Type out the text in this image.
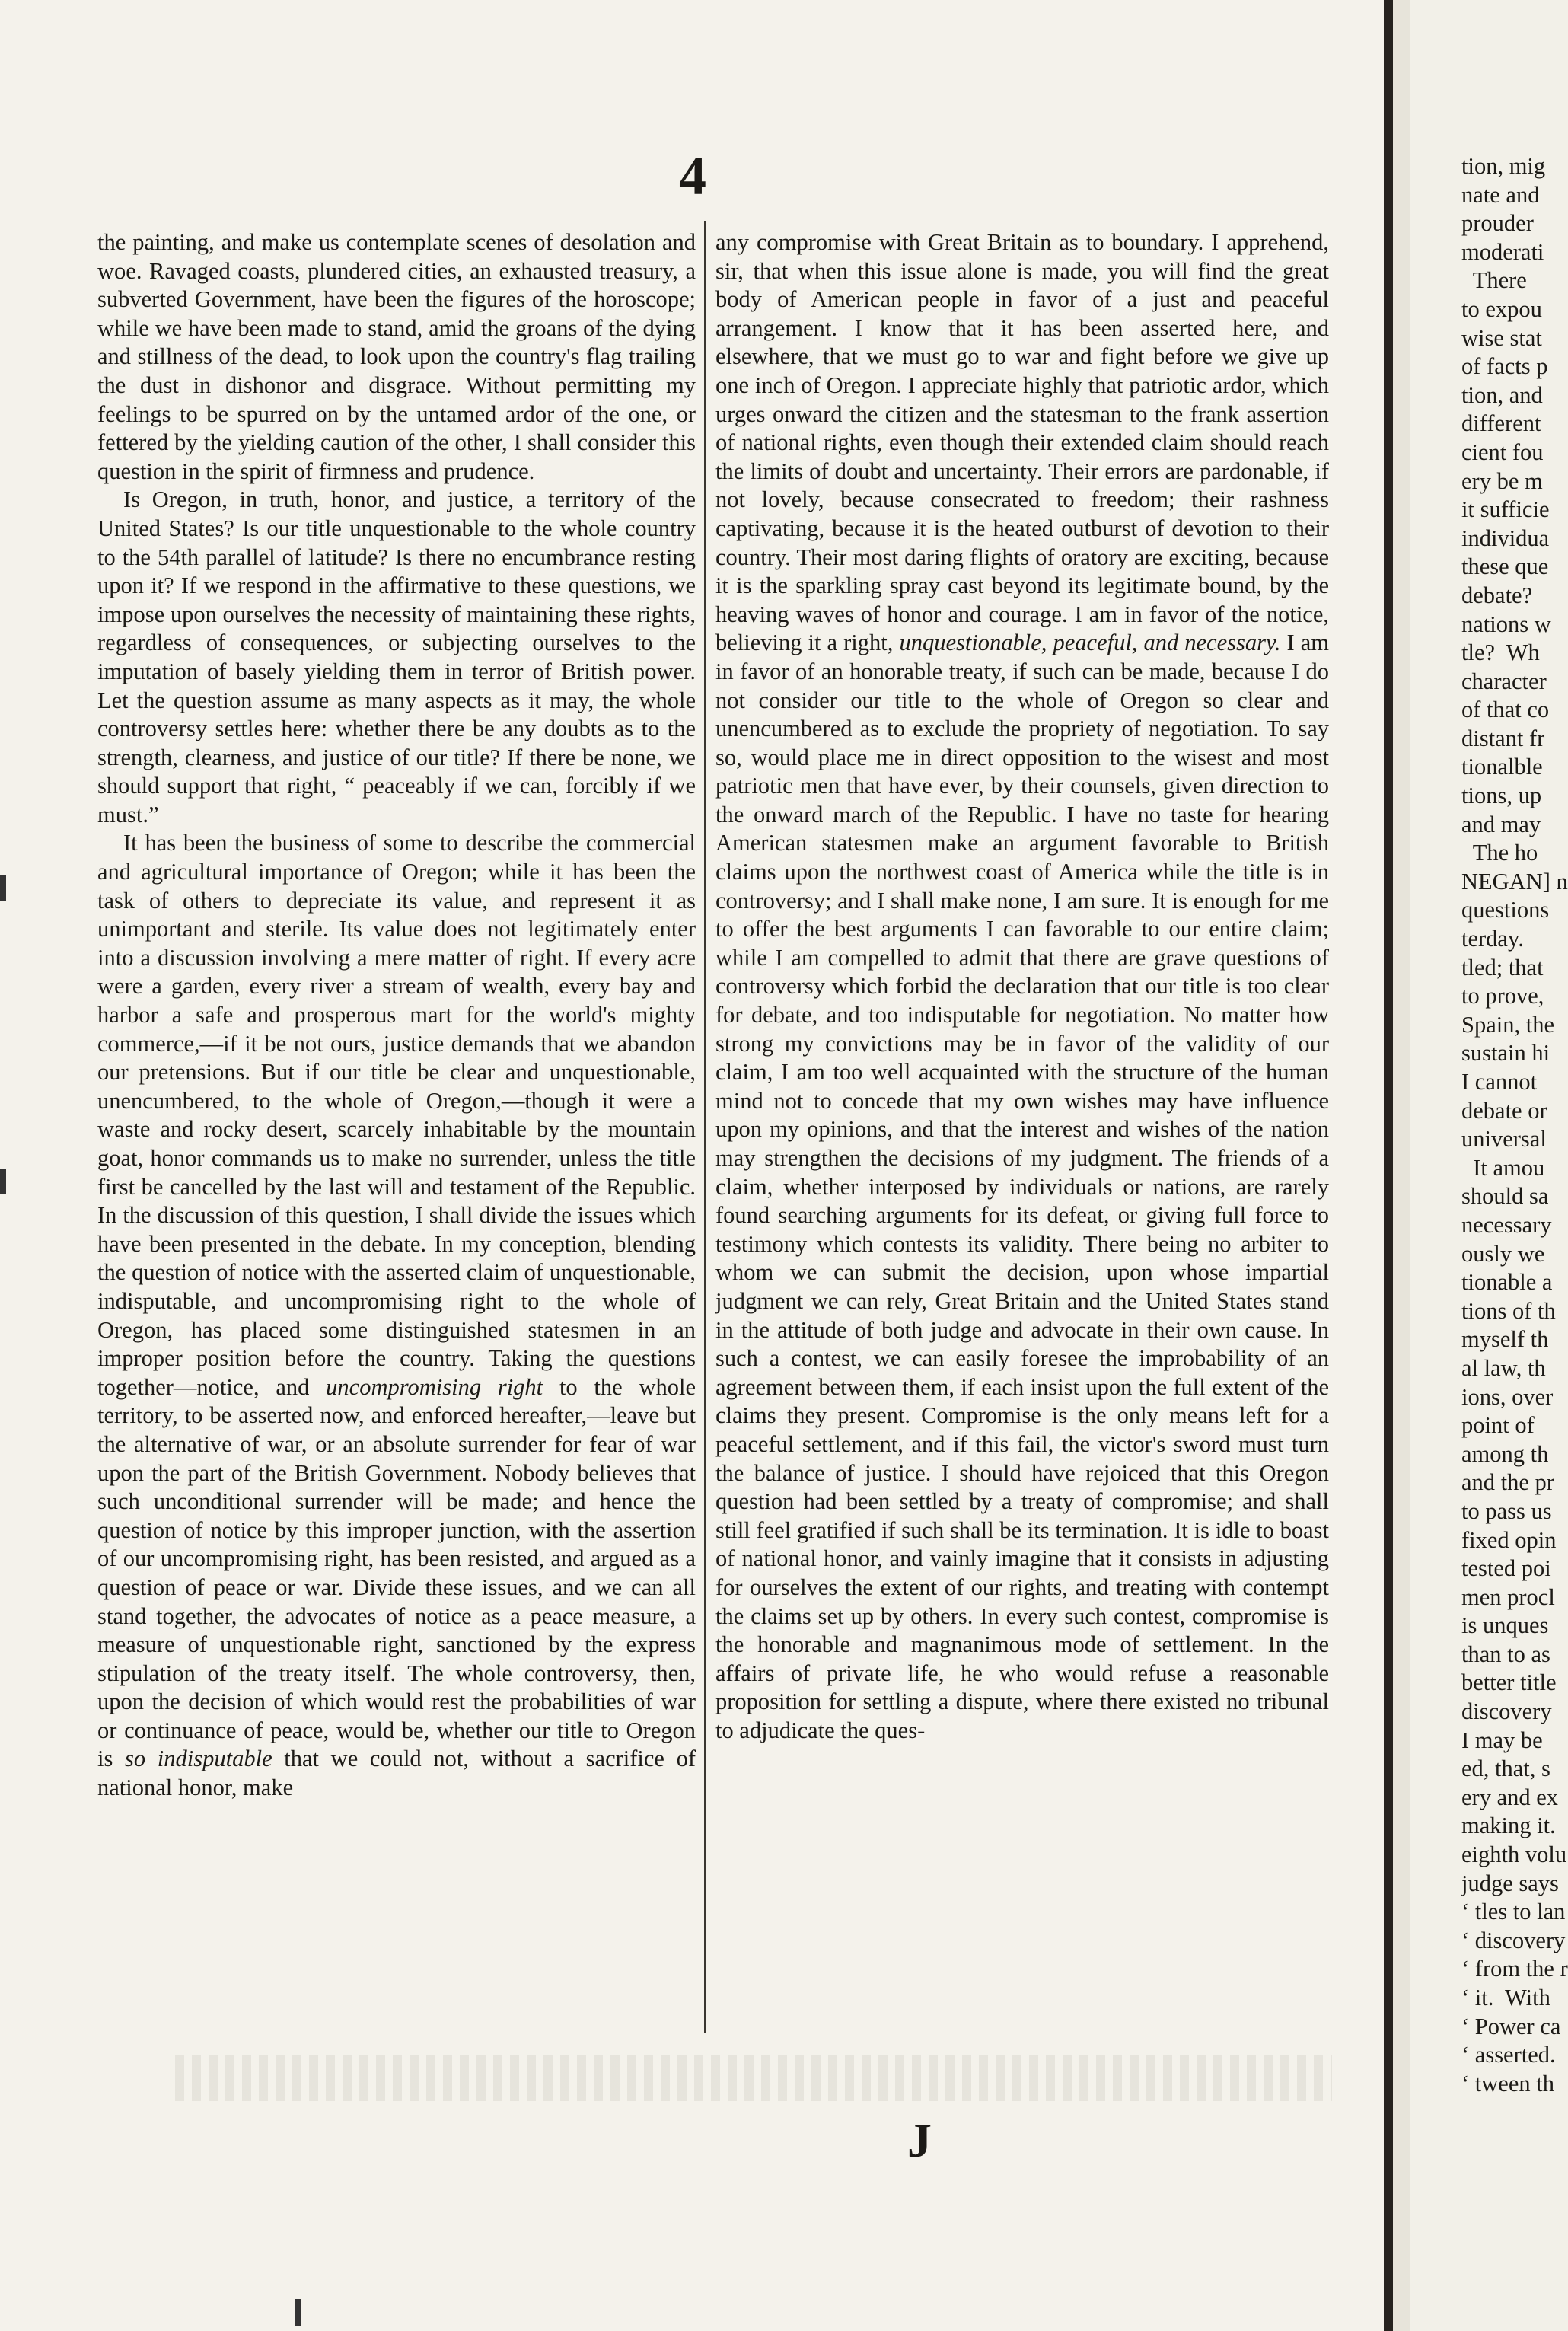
4

the painting, and make us contemplate scenes of desolation and woe. Ravaged coasts, plundered cities, an exhausted treasury, a subverted Government, have been the figures of the horoscope; while we have been made to stand, amid the groans of the dying and stillness of the dead, to look upon the country's flag trailing the dust in dishonor and disgrace. Without permitting my feelings to be spurred on by the untamed ardor of the one, or fettered by the yielding caution of the other, I shall consider this question in the spirit of firmness and prudence.

Is Oregon, in truth, honor, and justice, a territory of the United States? Is our title unquestionable to the whole country to the 54th parallel of latitude? Is there no encumbrance resting upon it? If we respond in the affirmative to these questions, we impose upon ourselves the necessity of maintaining these rights, regardless of consequences, or subjecting ourselves to the imputation of basely yielding them in terror of British power. Let the question assume as many aspects as it may, the whole controversy settles here: whether there be any doubts as to the strength, clearness, and justice of our title? If there be none, we should support that right, “ peaceably if we can, forcibly if we must.”

It has been the business of some to describe the commercial and agricultural importance of Oregon; while it has been the task of others to depreciate its value, and represent it as unimportant and sterile. Its value does not legitimately enter into a discussion involving a mere matter of right. If every acre were a garden, every river a stream of wealth, every bay and harbor a safe and prosperous mart for the world's mighty commerce,—if it be not ours, justice demands that we abandon our pretensions. But if our title be clear and unquestionable, unencumbered, to the whole of Oregon,—though it were a waste and rocky desert, scarcely inhabitable by the mountain goat, honor commands us to make no surrender, unless the title first be cancelled by the last will and testament of the Republic. In the discussion of this question, I shall divide the issues which have been presented in the debate. In my conception, blending the question of notice with the asserted claim of unquestionable, indisputable, and uncompromising right to the whole of Oregon, has placed some distinguished statesmen in an improper position before the country. Taking the questions together—notice, and uncompromising right to the whole territory, to be asserted now, and enforced hereafter,—leave but the alternative of war, or an absolute surrender for fear of war upon the part of the British Government. Nobody believes that such unconditional surrender will be made; and hence the question of notice by this improper junction, with the assertion of our uncompromising right, has been resisted, and argued as a question of peace or war. Divide these issues, and we can all stand together, the advocates of notice as a peace measure, a measure of unquestionable right, sanctioned by the express stipulation of the treaty itself. The whole controversy, then, upon the decision of which would rest the probabilities of war or continuance of peace, would be, whether our title to Oregon is so indisputable that we could not, without a sacrifice of national honor, make

any compromise with Great Britain as to boundary. I apprehend, sir, that when this issue alone is made, you will find the great body of American people in favor of a just and peaceful arrangement. I know that it has been asserted here, and elsewhere, that we must go to war and fight before we give up one inch of Oregon. I appreciate highly that patriotic ardor, which urges onward the citizen and the statesman to the frank assertion of national rights, even though their extended claim should reach the limits of doubt and uncertainty. Their errors are pardonable, if not lovely, because consecrated to freedom; their rashness captivating, because it is the heated outburst of devotion to their country. Their most daring flights of oratory are exciting, because it is the sparkling spray cast beyond its legitimate bound, by the heaving waves of honor and courage. I am in favor of the notice, believing it a right, unquestionable, peaceful, and necessary. I am in favor of an honorable treaty, if such can be made, because I do not consider our title to the whole of Oregon so clear and unencumbered as to exclude the propriety of negotiation. To say so, would place me in direct opposition to the wisest and most patriotic men that have ever, by their counsels, given direction to the onward march of the Republic. I have no taste for hearing American statesmen make an argument favorable to British claims upon the northwest coast of America while the title is in controversy; and I shall make none, I am sure. It is enough for me to offer the best arguments I can favorable to our entire claim; while I am compelled to admit that there are grave questions of controversy which forbid the declaration that our title is too clear for debate, and too indisputable for negotiation. No matter how strong my convictions may be in favor of the validity of our claim, I am too well acquainted with the structure of the human mind not to concede that my own wishes may have influence upon my opinions, and that the interest and wishes of the nation may strengthen the decisions of my judgment. The friends of a claim, whether interposed by individuals or nations, are rarely found searching arguments for its defeat, or giving full force to testimony which contests its validity. There being no arbiter to whom we can submit the decision, upon whose impartial judgment we can rely, Great Britain and the United States stand in the attitude of both judge and advocate in their own cause. In such a contest, we can easily foresee the improbability of an agreement between them, if each insist upon the full extent of the claims they present. Compromise is the only means left for a peaceful settlement, and if this fail, the victor's sword must turn the balance of justice. I should have rejoiced that this Oregon question had been settled by a treaty of compromise; and shall still feel gratified if such shall be its termination. It is idle to boast of national honor, and vainly imagine that it consists in adjusting for ourselves the extent of our rights, and treating with contempt the claims set up by others. In every such contest, compromise is the honorable and magnanimous mode of settlement. In the affairs of private life, he who would refuse a reasonable proposition for settling a dispute, where there existed no tribunal to adjudicate the ques-

J
tion, mig
nate and
prouder
moderati
There
to expou
wise stat
of facts p
tion, and
different
cient fou
ery be m
it sufficie
individua
these que
debate?
nations w
tle?  Wh
character
of that co
distant fr
tionalble
tions, up
and may
The ho
NEGAN] n
questions
terday.
tled; that
to prove,
Spain, the
sustain hi
I cannot
debate or
universal
It amou
should sa
necessary
ously we
tionable a
tions of th
myself th
al law, th
ions, over
point of
among th
and the pr
to pass us
fixed opin
tested poi
men procl
is unques
than to as
better title
discovery
I may be
ed, that, s
ery and ex
making it.
eighth volu
judge says
‘ tles to lan
‘ discovery
‘ from the r
‘ it.  With
‘ Power ca
‘ asserted.
‘ tween th
